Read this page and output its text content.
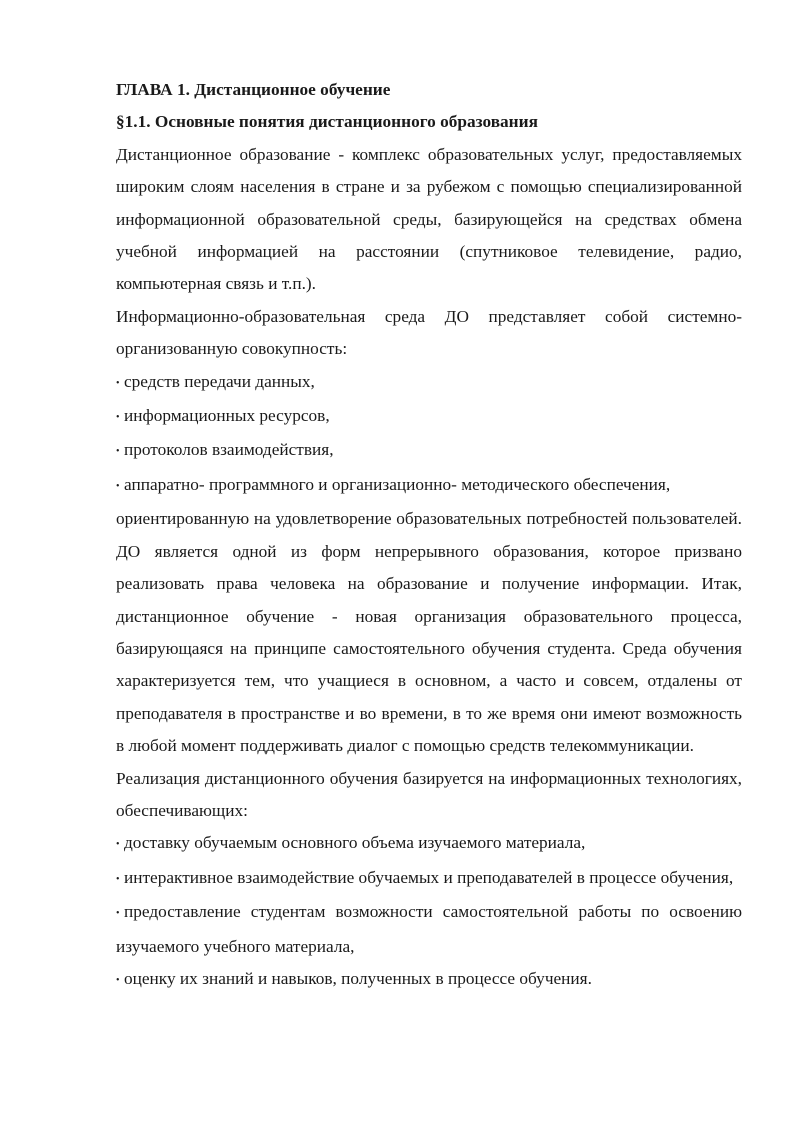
ГЛАВА 1. Дистанционное обучение

§1.1. Основные понятия дистанционного образования

Дистанционное образование - комплекс образовательных услуг, предоставляемых широким слоям населения в стране и за рубежом с помощью специализированной информационной образовательной среды, базирующейся на средствах обмена учебной информацией на расстоянии (спутниковое телевидение, радио, компьютерная связь и т.п.).

Информационно-образовательная среда ДО представляет собой системно-организованную совокупность:

• средств передачи данных,

• информационных ресурсов,

• протоколов взаимодействия,

• аппаратно- программного и организационно- методического обеспечения,

ориентированную на удовлетворение образовательных потребностей пользователей. ДО является одной из форм непрерывного образования, которое призвано реализовать права человека на образование и получение информации. Итак, дистанционное обучение - новая организация образовательного процесса, базирующаяся на принципе самостоятельного обучения студента. Среда обучения характеризуется тем, что учащиеся в основном, а часто и совсем, отдалены от преподавателя в пространстве и во времени, в то же время они имеют возможность в любой момент поддерживать диалог с помощью средств телекоммуникации.

Реализация дистанционного обучения базируется на информационных технологиях, обеспечивающих:

• доставку обучаемым основного объема изучаемого материала,

• интерактивное взаимодействие обучаемых и преподавателей в процессе обучения,

• предоставление студентам возможности самостоятельной работы по освоению изучаемого учебного материала,

• оценку их знаний и навыков, полученных в процессе обучения.
